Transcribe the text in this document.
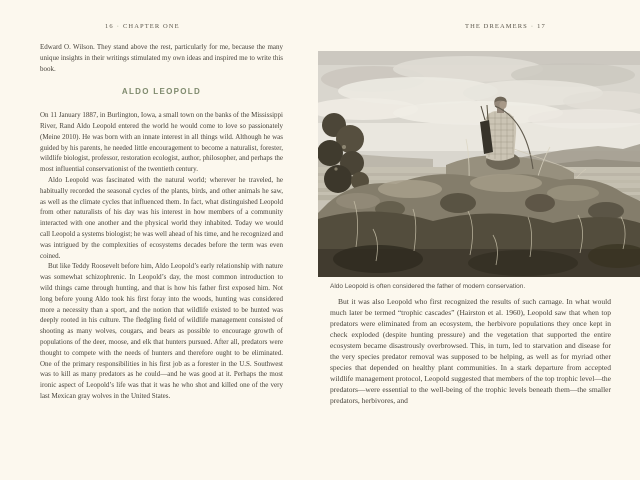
16 · CHAPTER ONE	THE DREAMERS · 17

Edward O. Wilson. They stand above the rest, particularly for me, because the many unique insights in their writings stimulated my own ideas and inspired me to write this book.

ALDO LEOPOLD

On 11 January 1887, in Burlington, Iowa, a small town on the banks of the Mississippi River, Rand Aldo Leopold entered the world he would come to love so passionately (Meine 2010). He was born with an innate interest in all things wild. Although he was guided by his parents, he needed little encouragement to become a naturalist, forester, wildlife biologist, professor, restoration ecologist, author, philosopher, and perhaps the most influential conservationist of the twentieth century.

Aldo Leopold was fascinated with the natural world; wherever he traveled, he habitually recorded the seasonal cycles of the plants, birds, and other animals he saw, as well as the climate cycles that influenced them. In fact, what distinguished Leopold from other naturalists of his day was his interest in how members of a community interacted with one another and the physical world they inhabited. Today we would call Leopold a systems biologist; he was well ahead of his time, and he recognized and was intrigued by the complexities of ecosystems decades before the term was even coined.

But like Teddy Roosevelt before him, Aldo Leopold’s early relationship with nature was somewhat schizophrenic. In Leopold’s day, the most common introduction to wild things came through hunting, and that is how his father first exposed him. Not long before young Aldo took his first foray into the woods, hunting was considered more a necessity than a sport, and the notion that wildlife existed to be hunted was deeply rooted in his culture. The fledgling field of wildlife management consisted of shooting as many wolves, cougars, and bears as possible to encourage growth of populations of the deer, moose, and elk that hunters pursued. After all, predators were thought to compete with the needs of hunters and therefore ought to be eliminated. One of the primary responsibilities in his first job as a forester in the U.S. Southwest was to kill as many predators as he could—and he was good at it. Perhaps the most ironic aspect of Leopold’s life was that it was he who shot and killed one of the very last Mexican gray wolves in the United States.

Aldo Leopold is often considered the father of modern conservation.

But it was also Leopold who first recognized the results of such carnage. In what would much later be termed “trophic cascades” (Hairston et al. 1960), Leopold saw that when top predators were eliminated from an ecosystem, the herbivore populations they once kept in check exploded (despite hunting pressure) and the vegetation that supported the entire ecosystem became disastrously overbrowsed. This, in turn, led to starvation and disease for the very species predator removal was supposed to be helping, as well as for myriad other species that depended on healthy plant communities. In a stark departure from accepted wildlife management protocol, Leopold suggested that members of the top trophic level—the predators—were essential to the well-being of the trophic levels beneath them—the smaller predators, herbivores, and
